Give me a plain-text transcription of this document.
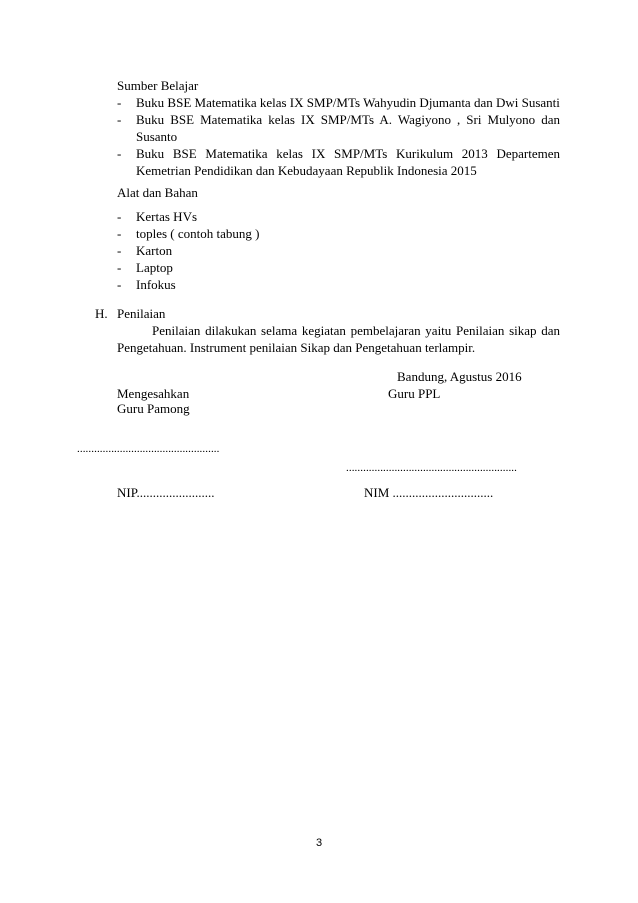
Sumber Belajar
- Buku BSE Matematika kelas IX SMP/MTs Wahyudin Djumanta dan Dwi Susanti
- Buku BSE Matematika kelas IX SMP/MTs A. Wagiyono , Sri Mulyono dan
Susanto
- Buku BSE Matematika kelas IX SMP/MTs Kurikulum 2013 Departemen
Kemetrian Pendidikan dan Kebudayaan Republik Indonesia 2015
Alat dan Bahan
- Kertas HVs
- toples ( contoh tabung )
- Karton
- Laptop
- Infokus
H. Penilaian
Penilaian dilakukan selama kegiatan pembelajaran yaitu Penilaian sikap dan
Pengetahuan. Instrument penilaian Sikap dan Pengetahuan terlampir.
Bandung, Agustus 2016
Mengesahkan	Guru PPL
Guru Pamong
..................................................
............................................................
NIP........................	NIM ...............................
3
